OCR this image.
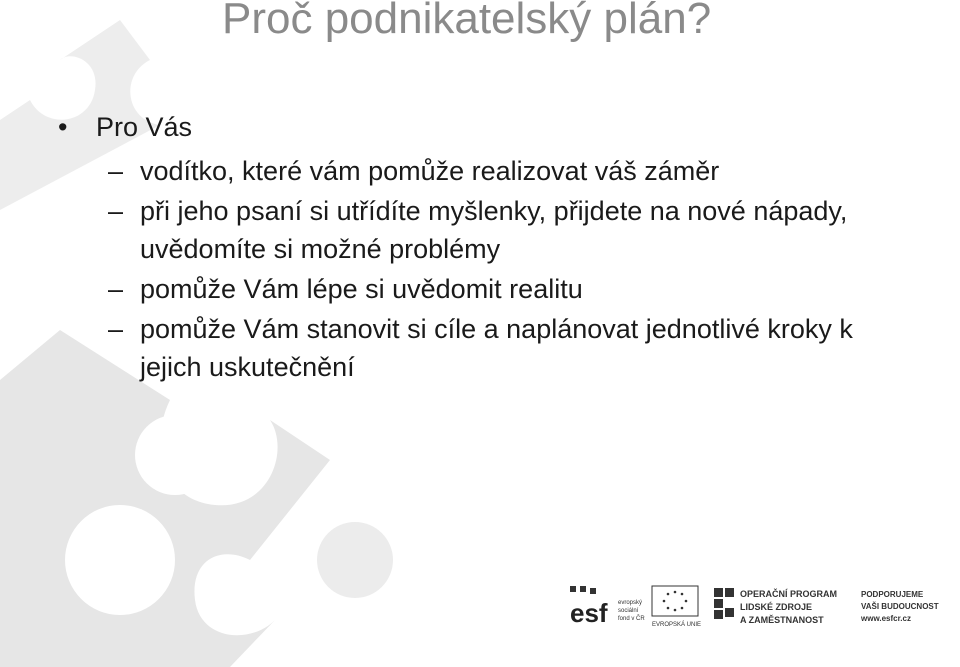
Proč podnikatelský plán?
•	Pro Vás
– vodítko, které vám pomůže realizovat váš záměr
– při jeho psaní si utřídíte myšlenky, přijdete na nové nápady, uvědomíte si možné problémy
– pomůže Vám lépe si uvědomit realitu
– pomůže Vám stanovit si cíle a naplánovat jednotlivé kroky k jejich uskutečnění
esf evropský
sociální
fond v ČR
EVROPSKÁ UNIE
OPERAČNÍ PROGRAM
LIDSKÉ ZDROJE
A ZAMĚSTNANOST
PODPORUJEME
VAŠI BUDOUCNOST
www.esfcr.cz
